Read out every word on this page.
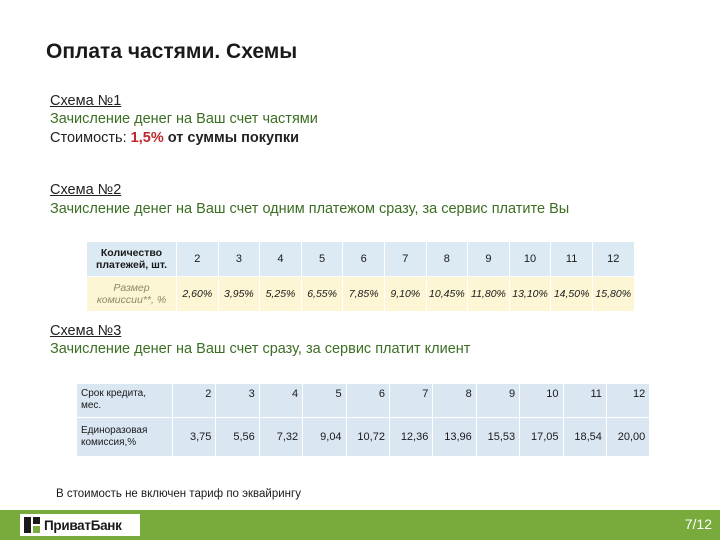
Оплата частями. Схемы
Схема №1
Зачисление денег на Ваш счет частями
Стоимость: 1,5% от суммы покупки
Схема №2
Зачисление денег на Ваш счет одним платежом сразу, за сервис платите Вы
Количество платежей, шт.	2	3	4	5	6	7	8	9	10	11	12
Размер комиссии**, %	2,60%	3,95%	5,25%	6,55%	7,85%	9,10%	10,45%	11,80%	13,10%	14,50%	15,80%
Схема №3
Зачисление денег на Ваш счет сразу, за сервис платит клиент
Срок кредита, мес.	2	3	4	5	6	7	8	9	10	11	12
Единоразовая комиссия,%	3,75	5,56	7,32	9,04	10,72	12,36	13,96	15,53	17,05	18,54	20,00
В стоимость не включен тариф по эквайрингу
ПриватБанк	7/12
